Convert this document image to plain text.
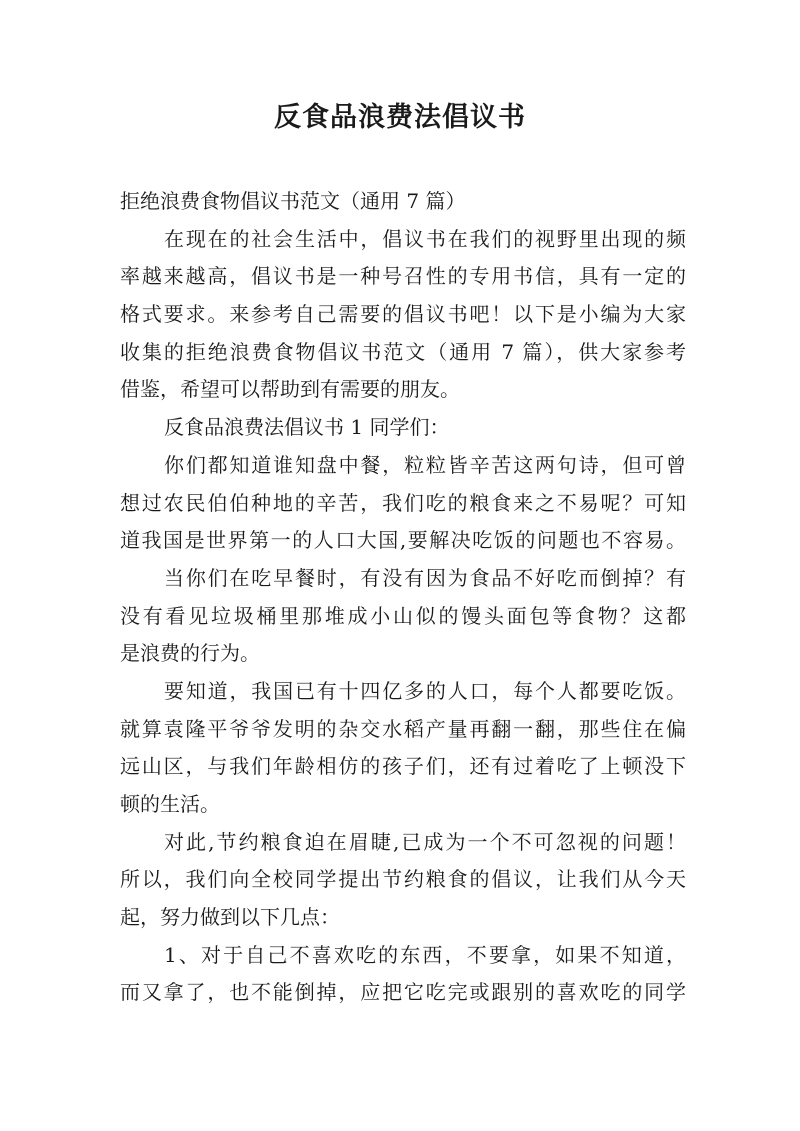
反食品浪费法倡议书
拒绝浪费食物倡议书范文（通用 7 篇）
在现在的社会生活中，倡议书在我们的视野里出现的频
率越来越高，倡议书是一种号召性的专用书信，具有一定的
格式要求。来参考自己需要的倡议书吧！以下是小编为大家
收集的拒绝浪费食物倡议书范文（通用 7 篇），供大家参考
借鉴，希望可以帮助到有需要的朋友。
反食品浪费法倡议书 1 同学们：
你们都知道谁知盘中餐，粒粒皆辛苦这两句诗，但可曾
想过农民伯伯种地的辛苦，我们吃的粮食来之不易呢？可知
道我国是世界第一的人口大国,要解决吃饭的问题也不容易。
当你们在吃早餐时，有没有因为食品不好吃而倒掉？有
没有看见垃圾桶里那堆成小山似的馒头面包等食物？这都
是浪费的行为。
要知道，我国已有十四亿多的人口，每个人都要吃饭。
就算袁隆平爷爷发明的杂交水稻产量再翻一翻，那些住在偏
远山区，与我们年龄相仿的孩子们，还有过着吃了上顿没下
顿的生活。
对此,节约粮食迫在眉睫,已成为一个不可忽视的问题！
所以，我们向全校同学提出节约粮食的倡议，让我们从今天
起，努力做到以下几点：
1、对于自己不喜欢吃的东西，不要拿，如果不知道，
而又拿了，也不能倒掉，应把它吃完或跟别的喜欢吃的同学
